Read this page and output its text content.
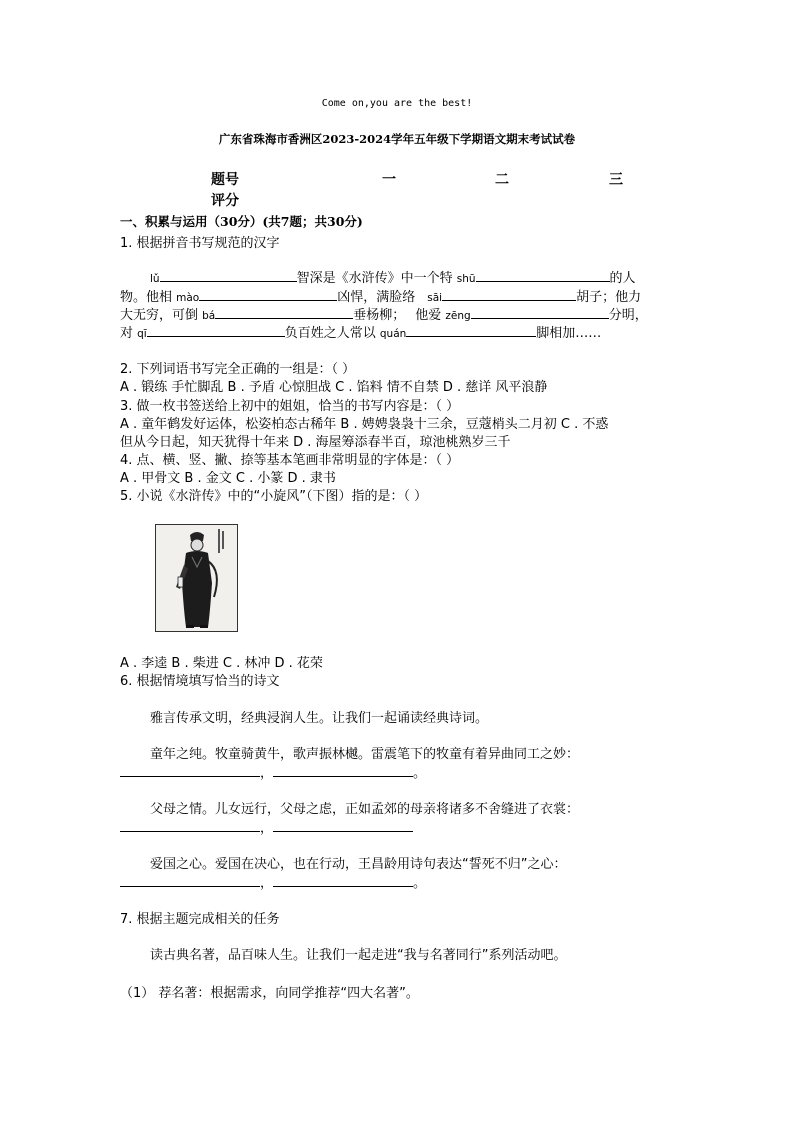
Come on,you are the best!
广东省珠海市香洲区2023-2024学年五年级下学期语文期末考试试卷
题号	一	二	三
评分
一、积累与运用（30分）(共7题；共30分)
1. 根据拼音书写规范的汉字
lǔ	智深是《水浒传》中一个特 shū	的人
物。他相 mào	凶悍，满脸络 sāi	胡子；他力
大无穷，可倒 bá	垂杨柳； 他爱 zēng	分明，
对 qī	负百姓之人常以 quán	脚相加……
2. 下列词语书写完全正确的一组是：（ ）
A . 锻练 手忙脚乱 B . 予盾 心惊胆战 C . 馅料 情不自禁 D . 慈详 风平浪静
3. 做一枚书签送给上初中的姐姐，恰当的书写内容是：（ ）
A . 童年鹤发好运体，松姿柏态古稀年 B . 娉娉袅袅十三余，豆蔻梢头二月初 C . 不惑
但从今日起，知天犹得十年来 D . 海屋筹添春半百，琼池桃熟岁三千
4. 点、横、竖、撇、捺等基本笔画非常明显的字体是：（ ）
A . 甲骨文 B . 金文 C . 小篆 D . 隶书
5. 小说《水浒传》中的“小旋风”（下图）指的是：（ ）
A . 李逵 B . 柴进 C . 林冲 D . 花荣
6. 根据情境填写恰当的诗文
雅言传承文明，经典浸润人生。让我们一起诵读经典诗词。
童年之纯。牧童骑黄牛，歌声振林樾。雷震笔下的牧童有着异曲同工之妙：
，	。
父母之情。儿女远行，父母之虑，正如孟郊的母亲将诸多不舍缝进了衣裳：
，
爱国之心。爱国在决心，也在行动，王昌龄用诗句表达“誓死不归”之心：
，	。
7. 根据主题完成相关的任务
读古典名著，品百味人生。让我们一起走进“我与名著同行”系列活动吧。
（1） 荐名著：根据需求，向同学推荐“四大名著”。
